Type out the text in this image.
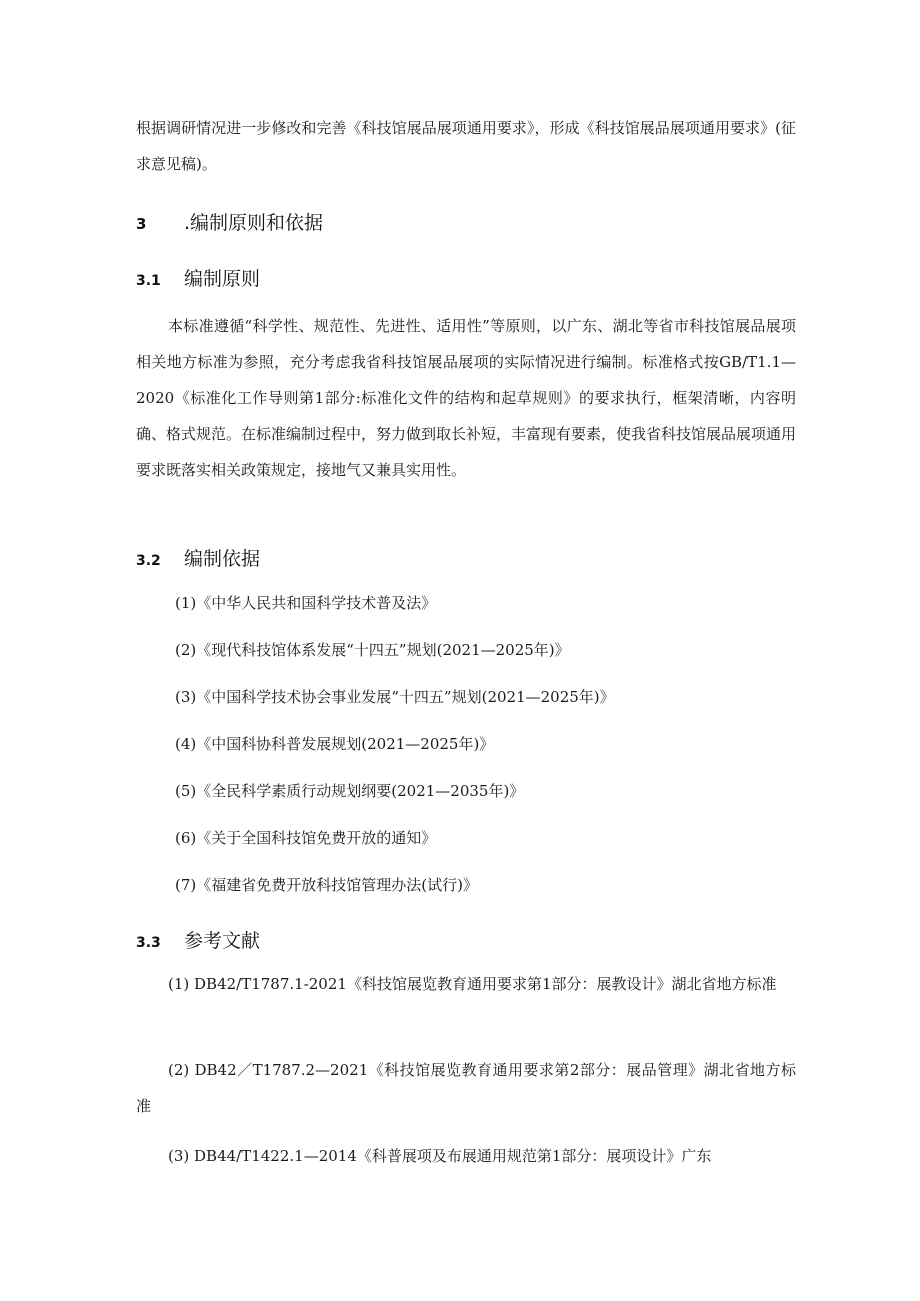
根据调研情况进一步修改和完善《科技馆展品展项通用要求》，形成《科技馆展品展项通用要求》(征求意见稿)。

3 .编制原则和依据
3.1 编制原则

本标准遵循“科学性、规范性、先进性、适用性”等原则，以广东、湖北等省市科技馆展品展项相关地方标准为参照，充分考虑我省科技馆展品展项的实际情况进行编制。标准格式按GB/T1.1—2020《标准化工作导则第1部分:标准化文件的结构和起草规则》的要求执行，框架清晰，内容明确、格式规范。在标准编制过程中，努力做到取长补短，丰富现有要素，使我省科技馆展品展项通用要求既落实相关政策规定，接地气又兼具实用性。

3.2 编制依据

(1)《中华人民共和国科学技术普及法》

(2)《现代科技馆体系发展“十四五”规划(2021—2025年)》

(3)《中国科学技术协会事业发展“十四五”规划(2021—2025年)》

(4)《中国科协科普发展规划(2021—2025年)》

(5)《全民科学素质行动规划纲要(2021—2035年)》

(6)《关于全国科技馆免费开放的通知》

(7)《福建省免费开放科技馆管理办法(试行)》

3.3 参考文献

(1) DB42/T1787.1-2021《科技馆展览教育通用要求第1部分：展教设计》湖北省地方标准

(2) DB42／T1787.2—2021《科技馆展览教育通用要求第2部分：展品管理》湖北省地方标准

(3) DB44/T1422.1—2014《科普展项及布展通用规范第1部分：展项设计》广东
